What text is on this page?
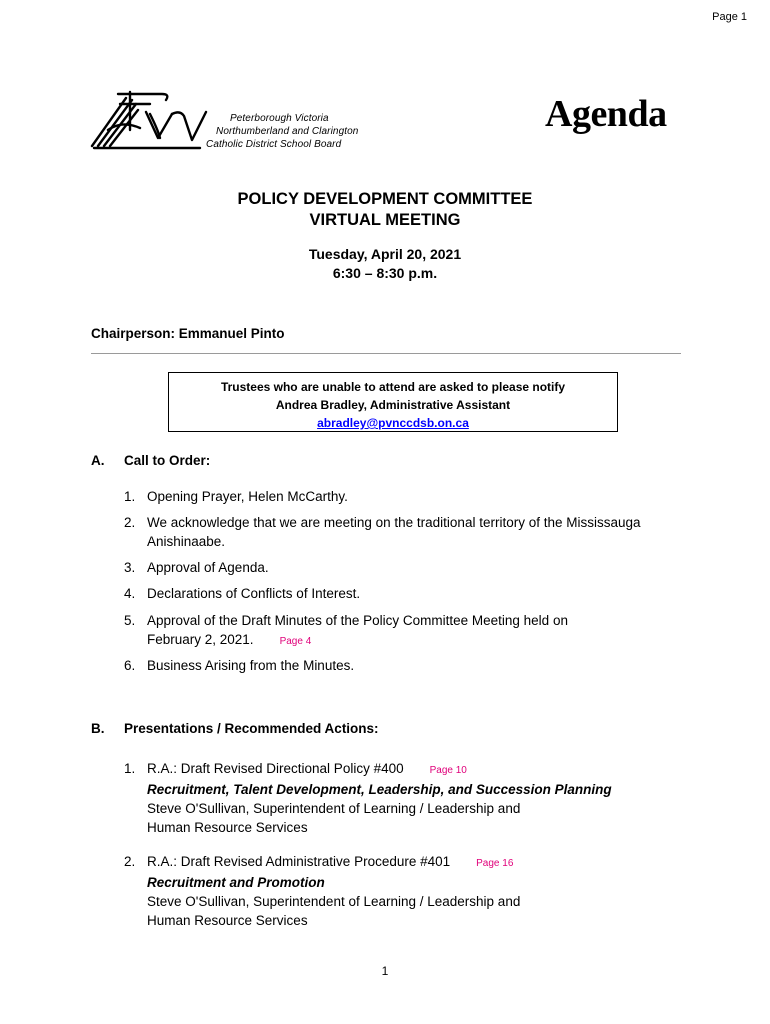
Page 1
Peterborough Victoria
Northumberland and Clarington
Catholic District School Board
Agenda
POLICY DEVELOPMENT COMMITTEE
VIRTUAL MEETING
Tuesday, April 20, 2021
6:30 – 8:30 p.m.
Chairperson: Emmanuel Pinto
Trustees who are unable to attend are asked to please notify
Andrea Bradley, Administrative Assistant
abradley@pvnccdsb.on.ca
A. Call to Order:
1. Opening Prayer, Helen McCarthy.
2. We acknowledge that we are meeting on the traditional territory of the Mississauga
Anishinaabe.
3. Approval of Agenda.
4. Declarations of Conflicts of Interest.
5. Approval of the Draft Minutes of the Policy Committee Meeting held on
February 2, 2021.	Page 4
6. Business Arising from the Minutes.
B. Presentations / Recommended Actions:
1. R.A.: Draft Revised Directional Policy #400	Page 10
Recruitment, Talent Development, Leadership, and Succession Planning
Steve O'Sullivan, Superintendent of Learning / Leadership and
Human Resource Services
2. R.A.: Draft Revised Administrative Procedure #401	Page 16
Recruitment and Promotion
Steve O'Sullivan, Superintendent of Learning / Leadership and
Human Resource Services
1
